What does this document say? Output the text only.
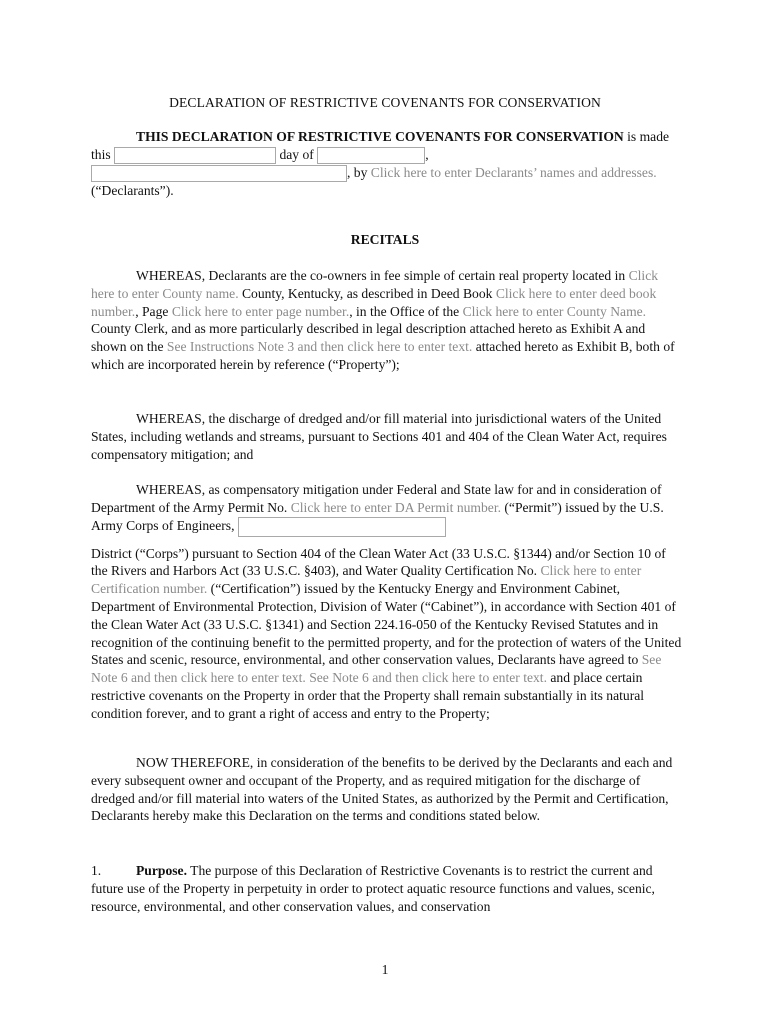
DECLARATION OF RESTRICTIVE COVENANTS FOR CONSERVATION
THIS DECLARATION OF RESTRICTIVE COVENANTS FOR CONSERVATION is made this	day of	,
, by Click here to enter Declarants’ names and addresses. (“Declarants”).
RECITALS
WHEREAS, Declarants are the co-owners in fee simple of certain real property located in Click here to enter County name. County, Kentucky, as described in Deed Book Click here to enter deed book number., Page Click here to enter page number., in the Office of the Click here to enter County Name. County Clerk, and as more particularly described in legal description attached hereto as Exhibit A and shown on the See Instructions Note 3 and then click here to enter text. attached hereto as Exhibit B, both of which are incorporated herein by reference (“Property”);
WHEREAS, the discharge of dredged and/or fill material into jurisdictional waters of the United States, including wetlands and streams, pursuant to Sections 401 and 404 of the Clean Water Act, requires compensatory mitigation; and
WHEREAS, as compensatory mitigation under Federal and State law for and in consideration of Department of the Army Permit No. Click here to enter DA Permit number. (“Permit”) issued by the U.S. Army Corps of Engineers,
District (“Corps”) pursuant to Section 404 of the Clean Water Act (33 U.S.C. §1344) and/or Section 10 of the Rivers and Harbors Act (33 U.S.C. §403), and Water Quality Certification No. Click here to enter Certification number. (“Certification”) issued by the Kentucky Energy and Environment Cabinet, Department of Environmental Protection, Division of Water (“Cabinet”), in accordance with Section 401 of the Clean Water Act (33 U.S.C. §1341) and Section 224.16-050 of the Kentucky Revised Statutes and in recognition of the continuing benefit to the permitted property, and for the protection of waters of the United States and scenic, resource, environmental, and other conservation values, Declarants have agreed to See Note 6 and then click here to enter text. See Note 6 and then click here to enter text. and place certain restrictive covenants on the Property in order that the Property shall remain substantially in its natural condition forever, and to grant a right of access and entry to the Property;
NOW THEREFORE, in consideration of the benefits to be derived by the Declarants and each and every subsequent owner and occupant of the Property, and as required mitigation for the discharge of dredged and/or fill material into waters of the United States, as authorized by the Permit and Certification, Declarants hereby make this Declaration on the terms and conditions stated below.
1.	Purpose. The purpose of this Declaration of Restrictive Covenants is to restrict the current and future use of the Property in perpetuity in order to protect aquatic resource functions and values, scenic, resource, environmental, and other conservation values, and conservation
1
